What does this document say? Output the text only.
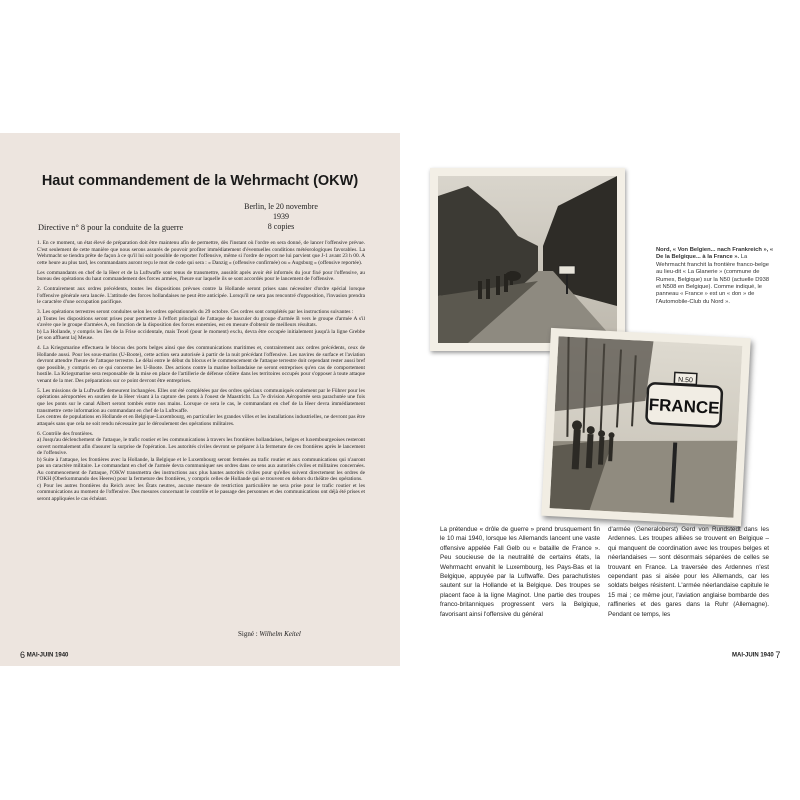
Haut commandement de la Wehrmacht (OKW)
Berlin, le 20 novembre 1939
8 copies
Directive n° 8 pour la conduite de la guerre

1. En ce moment, un état élevé de préparation doit être maintenu afin de permettre, dès l'instant où l'ordre en sera donné, de lancer l'offensive prévue. C'est seulement de cette manière que nous serons assurés de pouvoir profiter immédiatement d'éventuelles conditions météorologiques favorables. La Wehrmacht se tiendra prête de façon à ce qu'il lui soit possible de reporter l'offensive, même si l'ordre de report ne lui parvient que J-1 avant 23 h 00. A cette heure au plus tard, les commandants auront reçu le mot de code qui sera : « Danzig » (offensive confirmée) ou « Augsburg » (offensive reportée).

Les commandants en chef de la Heer et de la Luftwaffe sont tenus de transmettre, aussitôt après avoir été informés du jour fixé pour l'offensive, au bureau des opérations du haut commandement des forces armées, l'heure sur laquelle ils se sont accordés pour le lancement de l'offensive.

2. Contrairement aux ordres précédents, toutes les dispositions prévues contre la Hollande seront prises sans nécessiter d'ordre spécial lorsque l'offensive générale sera lancée. L'attitude des forces hollandaises ne peut être anticipée. Lorsqu'il ne sera pas rencontré d'opposition, l'invasion prendra le caractère d'une occupation pacifique.

3. Les opérations terrestres seront conduites selon les ordres opérationnels du 29 octobre. Ces ordres sont complétés par les instructions suivantes :

a) Toutes les dispositions seront prises pour permettre à l'effort principal de l'attaque de basculer du groupe d'armée B vers le groupe d'armée A s'il s'avère que le groupe d'armées A, en fonction de la disposition des forces ennemies, est en mesure d'obtenir de meilleurs résultats.

b) La Hollande, y compris les îles de la Frise occidentale, mais Texel (pour le moment) exclu, devra être occupée initialement jusqu'à la ligne Grebbe [et son affluent la] Meuse.

4. La Kriegsmarine effectuera le blocus des ports belges ainsi que des communications maritimes et, contrairement aux ordres précédents, ceux de Hollande aussi. Pour les sous-marins (U-Boote), cette action sera autorisée à partir de la nuit précédant l'offensive. Les navires de surface et l'aviation devront attendre l'heure de l'attaque terrestre. Le délai entre le début du blocus et le commencement de l'attaque terrestre doit cependant rester aussi bref que possible, y compris en ce qui concerne les U-Boote. Des actions contre la marine hollandaise ne seront entreprises qu'en cas de comportement hostile. La Kriegsmarine sera responsable de la mise en place de l'artillerie de défense côtière dans les territoires occupés pour s'opposer à toute attaque venant de la mer. Des préparations sur ce point devront être entreprises.

5. Les missions de la Luftwaffe demeurent inchangées. Elles ont été complétées par des ordres spéciaux communiqués oralement par le Führer pour les opérations aéroportées en soutien de la Heer visant à la capture des ponts à l'ouest de Maastricht. La 7e division Aéroportée sera parachutée une fois que les ponts sur le canal Albert seront tombés entre nos mains. Lorsque ce sera le cas, le commandant en chef de la Heer devra immédiatement transmettre cette information au commandant en chef de la Luftwaffe.

Les centres de populations en Hollande et en Belgique-Luxembourg, en particulier les grandes villes et les installations industrielles, ne devront pas être attaqués sans que cela ne soit rendu nécessaire par le déroulement des opérations militaires.

6. Contrôle des frontières.

a) Jusqu'au déclenchement de l'attaque, le trafic routier et les communications à travers les frontières hollandaises, belges et luxembourgeoises resteront ouvert normalement afin d'assurer la surprise de l'opération. Les autorités civiles devront se préparer à la fermeture de ces frontières après le lancement de l'offensive.

b) Suite à l'attaque, les frontières avec la Hollande, la Belgique et le Luxembourg seront fermées au trafic routier et aux communications qui n'auront pas un caractère militaire. Le commandant en chef de l'armée devra communiquer ses ordres dans ce sens aux autorités civiles et militaires concernées. Au commencement de l'attaque, l'OKW transmettra des instructions aux plus hautes autorités civiles pour qu'elles suivent directement les ordres de l'OKH (Oberkommando des Heeres) pour la fermeture des frontières, y compris celles de Hollande qui se trouvent en dehors du théâtre des opérations.

c) Pour les autres frontières du Reich avec les États neutres, aucune mesure de restriction particulière ne sera prise pour le trafic routier et les communications au moment de l'offensive. Des mesures concernant le contrôle et le passage des personnes et des communications ont déjà été prises et seront appliquées le cas échéant.

Signé : Wilhelm Keitel
6 MAI-JUIN 1940
Nord, « Von Belgien... nach Frankreich », « De la Belgique... à la France ». La Wehrmacht franchit la frontière franco-belge au lieu-dit « La Glanerie » (commune de Rumes, Belgique) sur la N50 (actuelle D938 et N508 en Belgique). Comme indiqué, le panneau « France » est un « don » de l'Automobile-Club du Nord ».
N.50
FRANCE

La prétendue « drôle de guerre » prend brusquement fin le 10 mai 1940, lorsque les Allemands lancent une vaste offensive appelée Fall Gelb ou « bataille de France ». Peu soucieuse de la neutralité de certains états, la Wehrmacht envahit le Luxembourg, les Pays-Bas et la Belgique, appuyée par la Luftwaffe. Des parachutistes sautent sur la Hollande et la Belgique. Des troupes se placent face à la ligne Maginot. Une partie des troupes franco-britanniques progressent vers la Belgique, favorisant ainsi l'offensive du général

d'armée (Generaloberst) Gerd von Rundstedt dans les Ardennes. Les troupes alliées se trouvent en Belgique – qui manquent de coordination avec les troupes belges et néerlandaises — sont désormais séparées de celles se trouvant en France. La traversée des Ardennes n'est cependant pas si aisée pour les Allemands, car les soldats belges résistent. L'armée néerlandaise capitule le 15 mai ; ce même jour, l'aviation anglaise bombarde des raffineries et des gares dans la Ruhr (Allemagne). Pendant ce temps, les

MAI-JUIN 1940 7
